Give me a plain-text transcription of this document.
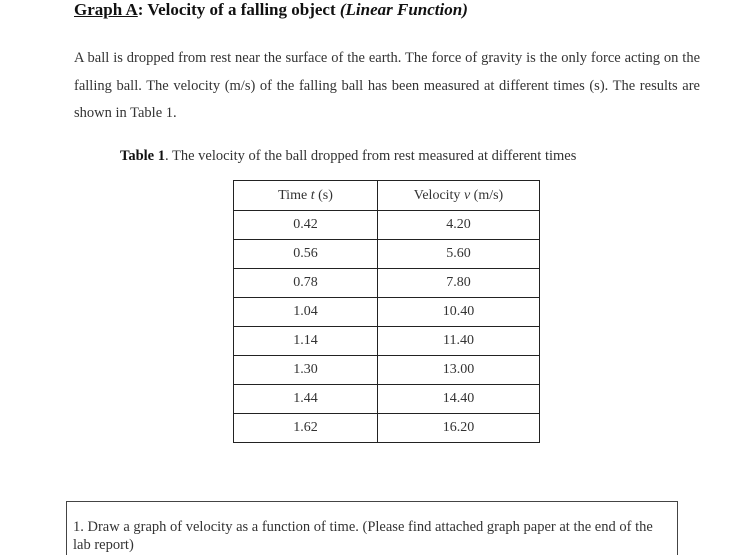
Graph A: Velocity of a falling object (Linear Function)
A ball is dropped from rest near the surface of the earth. The force of gravity is the only force acting on the falling ball. The velocity (m/s) of the falling ball has been measured at different times (s). The results are shown in Table 1.
Table 1. The velocity of the ball dropped from rest measured at different times
Time t (s)	Velocity v (m/s)
0.42	4.20
0.56	5.60
0.78	7.80
1.04	10.40
1.14	11.40
1.30	13.00
1.44	14.40
1.62	16.20
1. Draw a graph of velocity as a function of time. (Please find attached graph paper at the end of the lab report)
